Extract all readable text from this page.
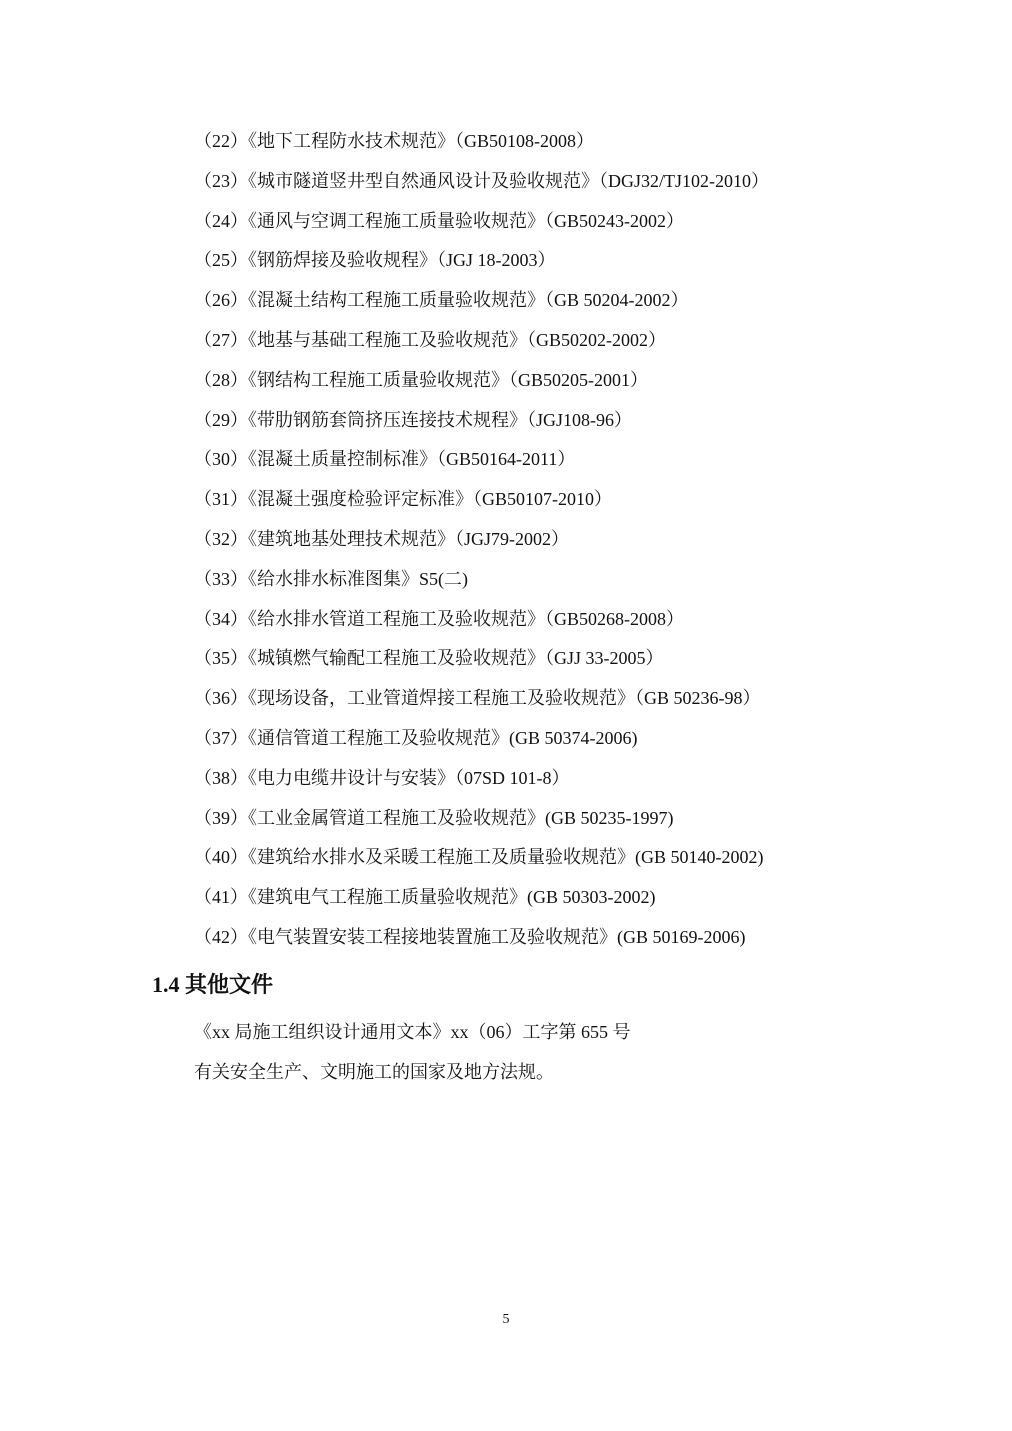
（22）《地下工程防水技术规范》（GB50108-2008）
（23）《城市隧道竖井型自然通风设计及验收规范》（DGJ32/TJ102-2010）
（24）《通风与空调工程施工质量验收规范》（GB50243-2002）
（25）《钢筋焊接及验收规程》（JGJ 18-2003）
（26）《混凝土结构工程施工质量验收规范》（GB 50204-2002）
（27）《地基与基础工程施工及验收规范》（GB50202-2002）
（28）《钢结构工程施工质量验收规范》（GB50205-2001）
（29）《带肋钢筋套筒挤压连接技术规程》（JGJ108-96）
（30）《混凝土质量控制标准》（GB50164-2011）
（31）《混凝土强度检验评定标准》（GB50107-2010）
（32）《建筑地基处理技术规范》（JGJ79-2002）
（33）《给水排水标准图集》S5(二)
（34）《给水排水管道工程施工及验收规范》（GB50268-2008）
（35）《城镇燃气输配工程施工及验收规范》（GJJ 33-2005）
（36）《现场设备，工业管道焊接工程施工及验收规范》（GB 50236-98）
（37）《通信管道工程施工及验收规范》(GB 50374-2006)
（38）《电力电缆井设计与安装》（07SD 101-8）
（39）《工业金属管道工程施工及验收规范》(GB 50235-1997)
（40）《建筑给水排水及采暖工程施工及质量验收规范》(GB 50140-2002)
（41）《建筑电气工程施工质量验收规范》(GB 50303-2002)
（42）《电气装置安装工程接地装置施工及验收规范》(GB 50169-2006)
1.4 其他文件
《xx 局施工组织设计通用文本》xx（06）工字第 655 号
有关安全生产、文明施工的国家及地方法规。
5
